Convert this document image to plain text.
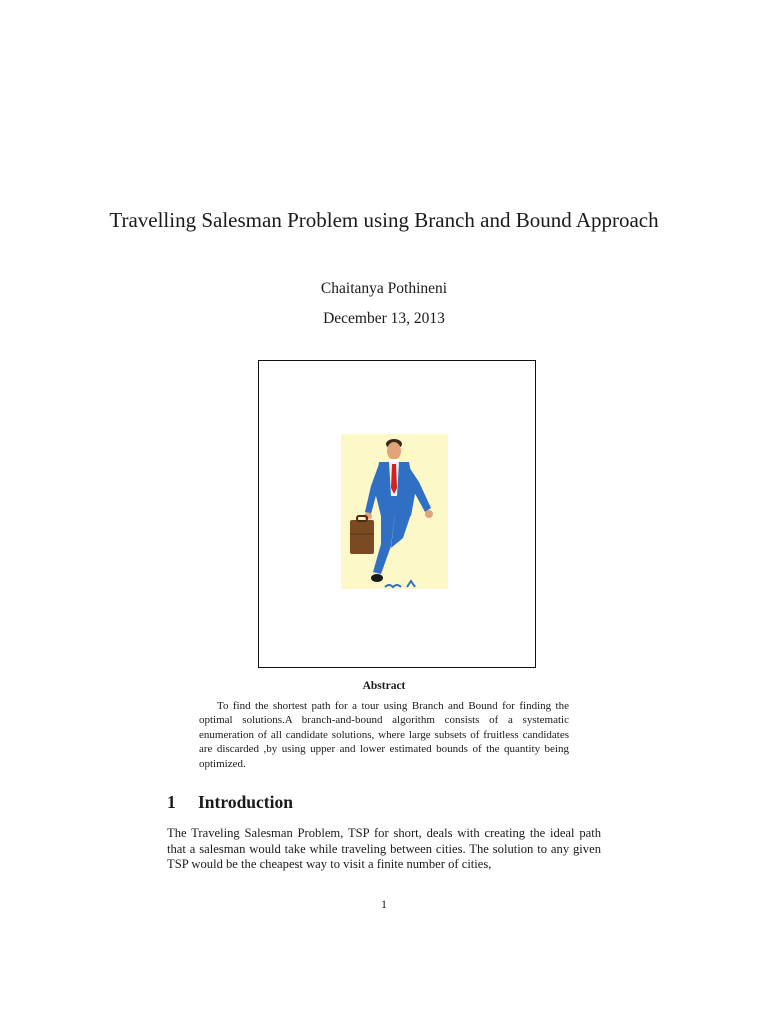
Travelling Salesman Problem using Branch and Bound Approach
Chaitanya Pothineni
December 13, 2013
Abstract

To find the shortest path for a tour using Branch and Bound for finding the optimal solutions.A branch-and-bound algorithm consists of a systematic enumeration of all candidate solutions, where large subsets of fruitless candidates are discarded ,by using upper and lower estimated bounds of the quantity being optimized.

1 Introduction

The Traveling Salesman Problem, TSP for short, deals with creating the ideal path that a salesman would take while traveling between cities. The solution to any given TSP would be the cheapest way to visit a finite number of cities,

1
